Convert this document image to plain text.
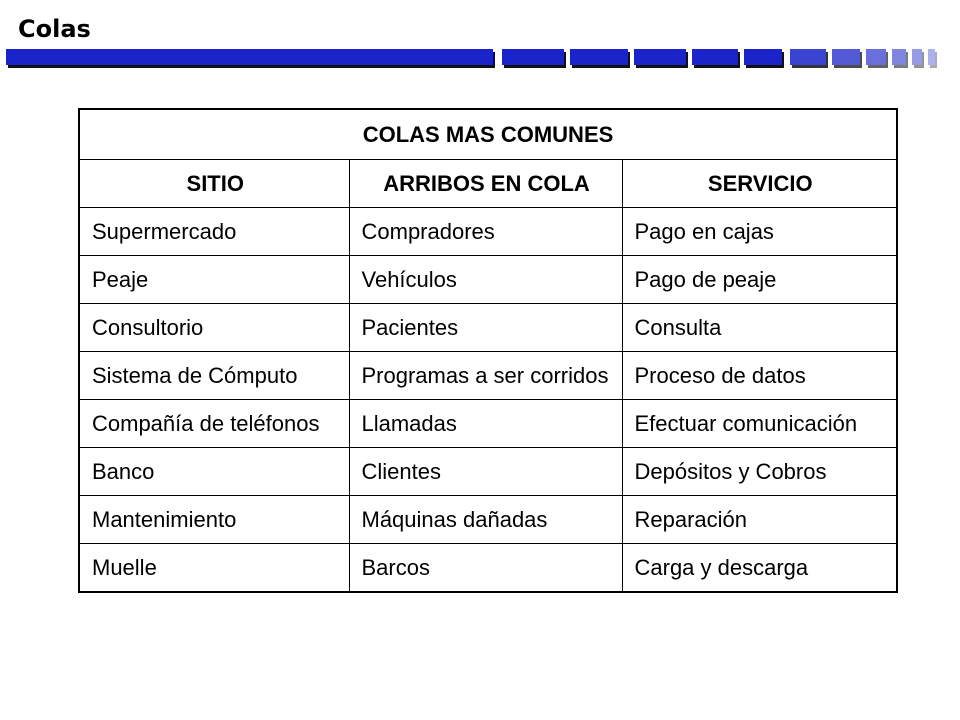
Colas
COLAS MAS COMUNES		
SITIO	ARRIBOS EN COLA	SERVICIO
Supermercado	Compradores	Pago en cajas
Peaje	Vehículos	Pago de peaje
Consultorio	Pacientes	Consulta
Sistema de Cómputo	Programas a ser corridos	Proceso de datos
Compañía de teléfonos	Llamadas	Efectuar comunicación
Banco	Clientes	Depósitos y Cobros
Mantenimiento	Máquinas dañadas	Reparación
Muelle	Barcos	Carga y descarga
